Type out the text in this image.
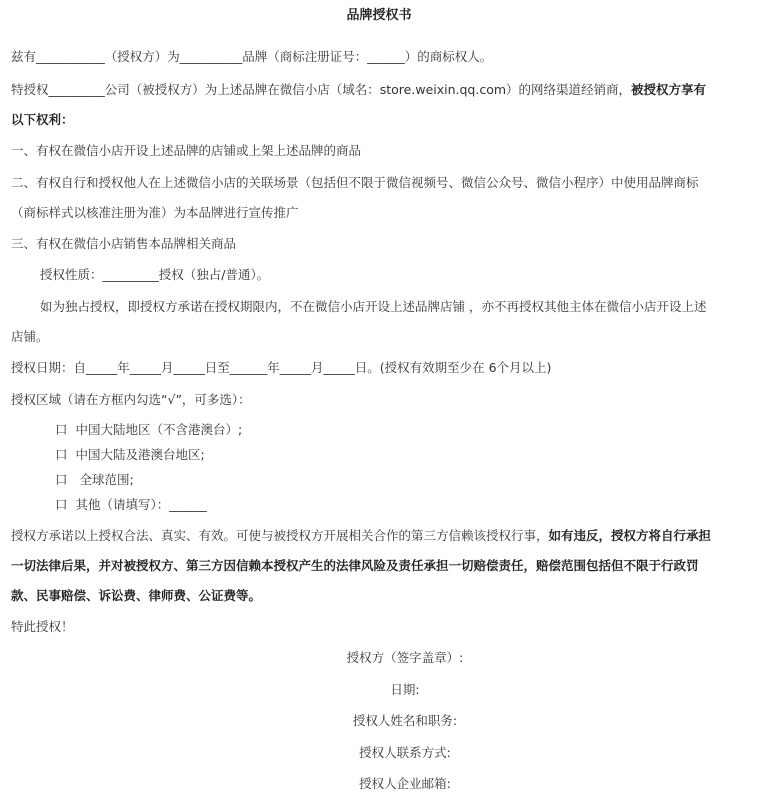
品牌授权书
兹有___________（授权方）为__________品牌（商标注册证号：______）的商标权人。
特授权_________公司（被授权方）为上述品牌在微信小店（域名：store.weixin.qq.com）的网络渠道经销商，被授权方享有
以下权利：
一、有权在微信小店开设上述品牌的店铺或上架上述品牌的商品
二、有权自行和授权他人在上述微信小店的关联场景（包括但不限于微信视频号、微信公众号、微信小程序）中使用品牌商标
（商标样式以核准注册为准）为本品牌进行宣传推广
三、有权在微信小店销售本品牌相关商品
授权性质：_________授权（独占/普通）。
如为独占授权，即授权方承诺在授权期限内，不在微信小店开设上述品牌店铺 ，亦不再授权其他主体在微信小店开设上述
店铺。
授权日期：自_____年_____月_____日至______年_____月_____日。(授权有效期至少在 6个月以上)
授权区域（请在方框内勾选“√”，可多选）：
口 中国大陆地区（不含港澳台）;
口 中国大陆及港澳台地区;
口 全球范围;
口 其他（请填写）：______
授权方承诺以上授权合法、真实、有效。可使与被授权方开展相关合作的第三方信赖该授权行事，如有违反，授权方将自行承担
一切法律后果，并对被授权方、第三方因信赖本授权产生的法律风险及责任承担一切赔偿责任，赔偿范围包括但不限于行政罚
款、民事赔偿、诉讼费、律师费、公证费等。
特此授权！
授权方（签字盖章）:
日期:
授权人姓名和职务:
授权人联系方式:
授权人企业邮箱:
